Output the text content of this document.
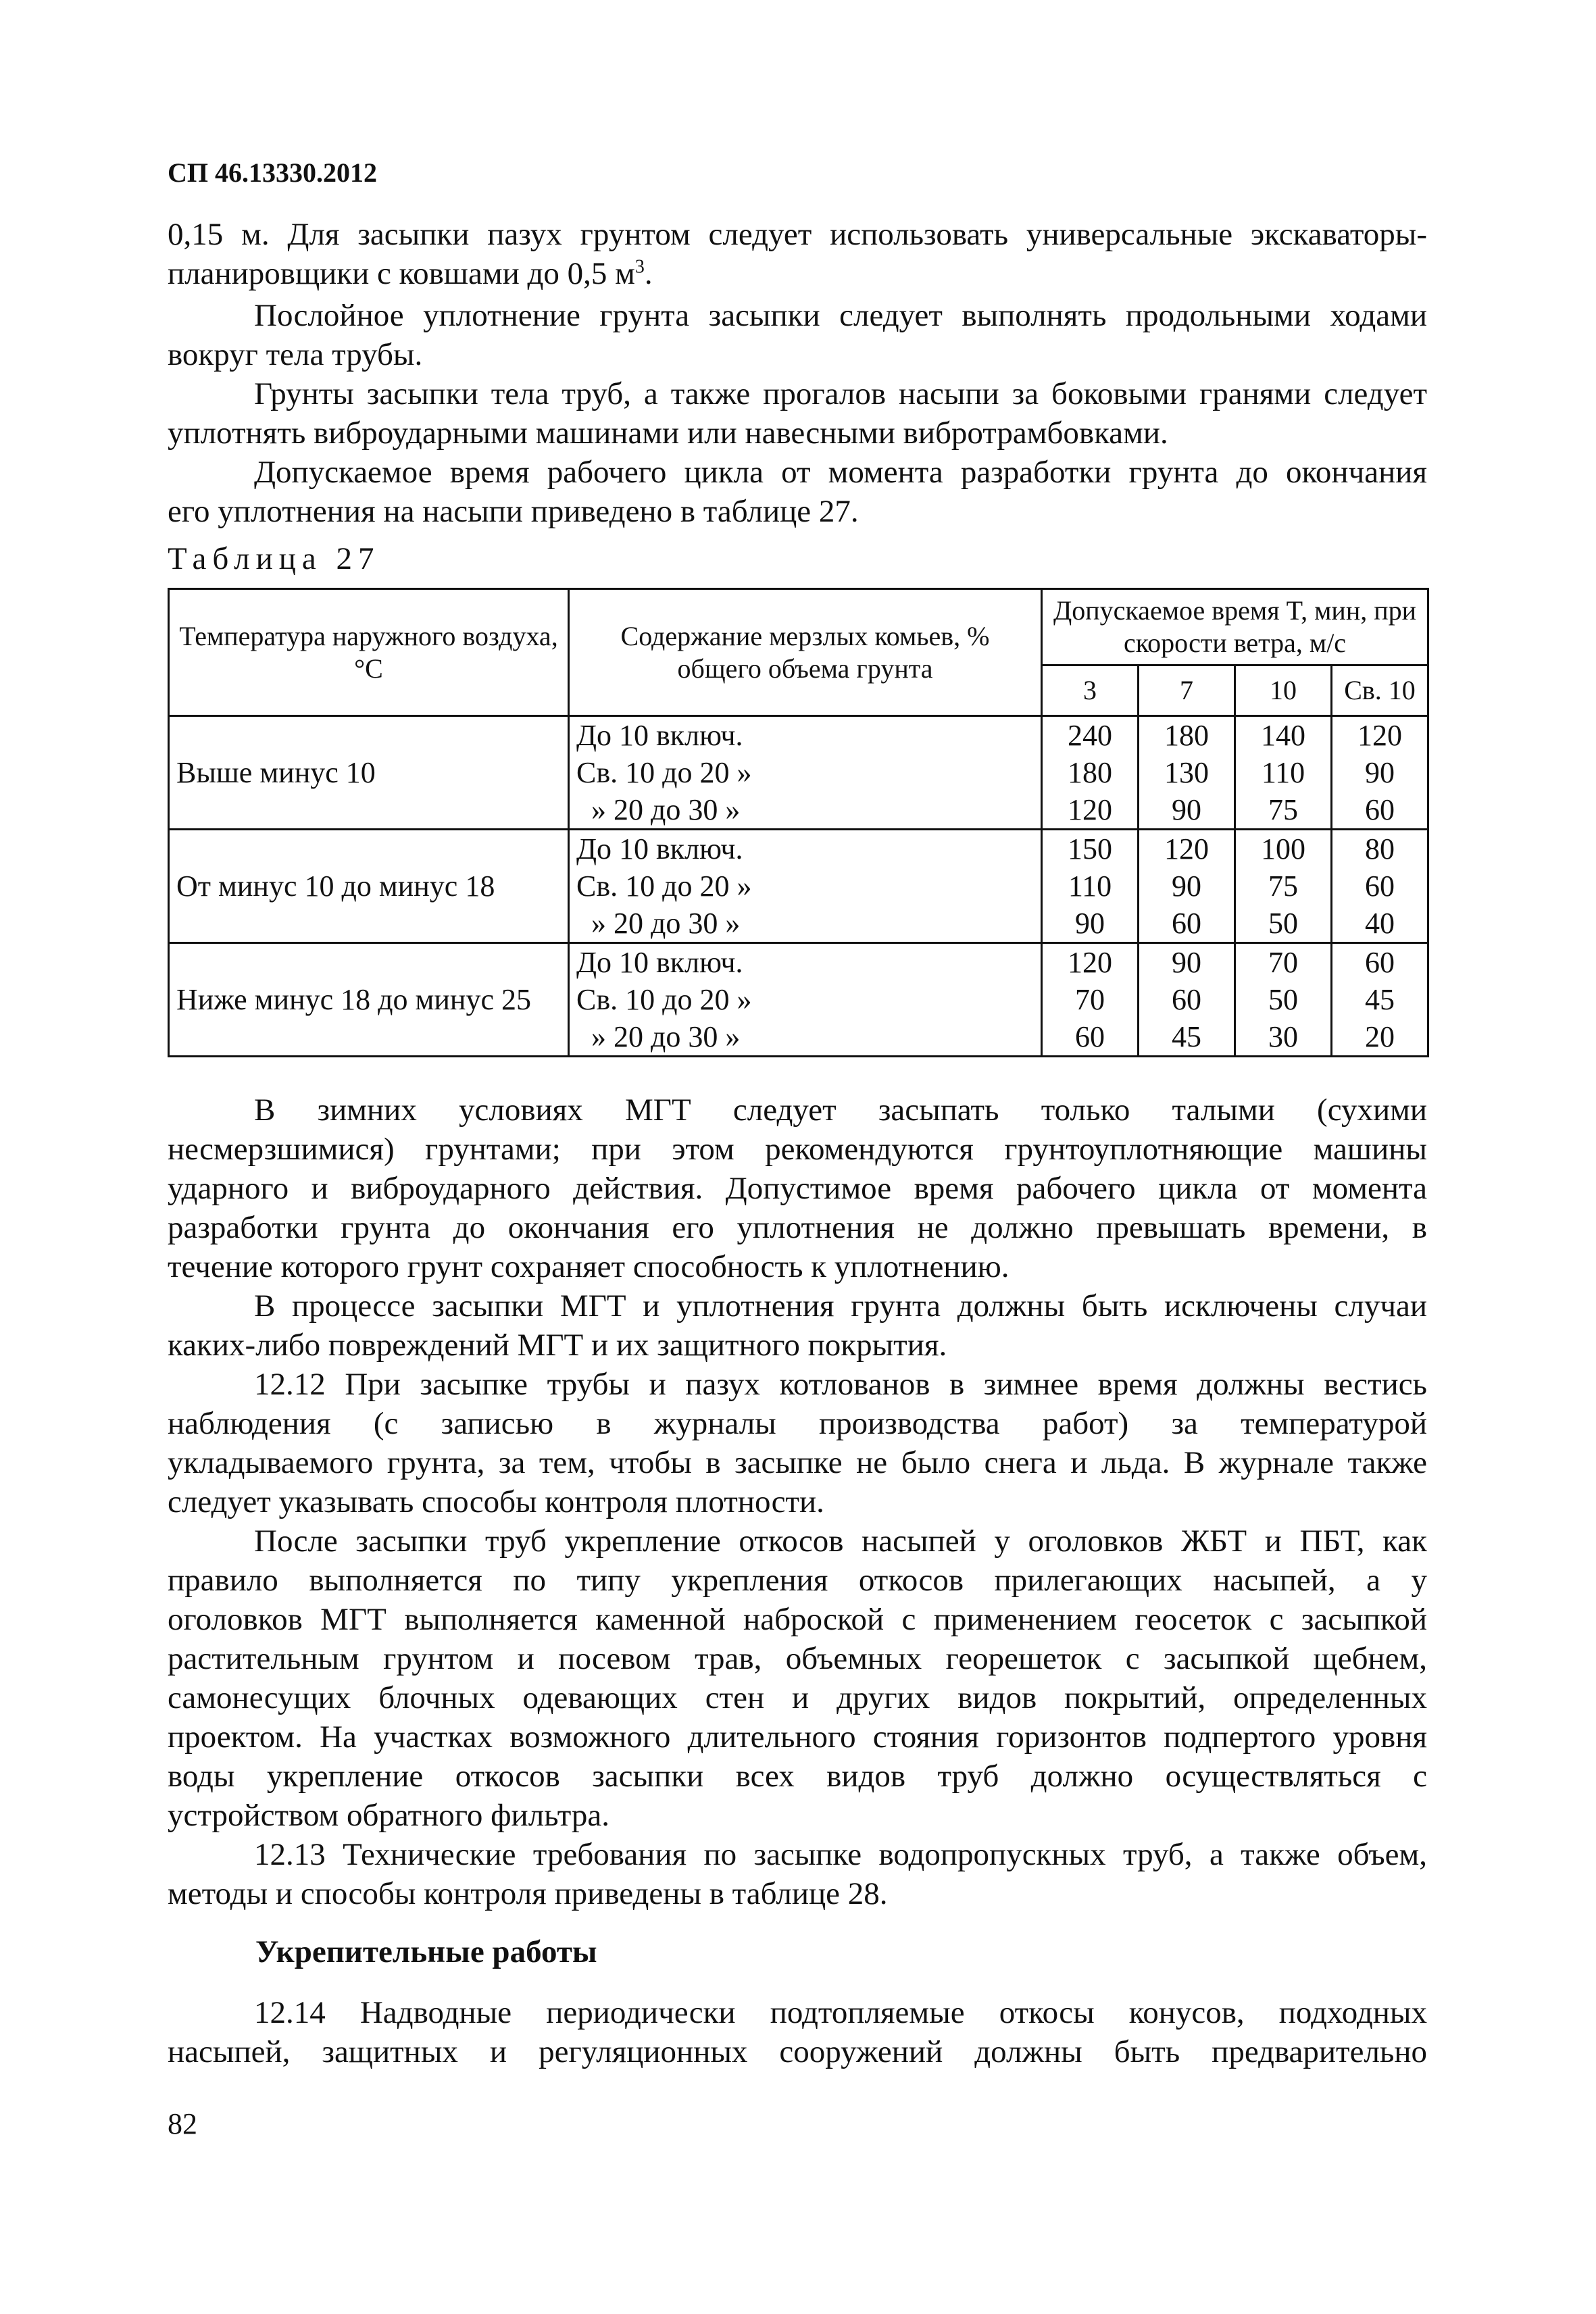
СП 46.13330.2012
0,15 м. Для засыпки пазух грунтом следует использовать универсальные экскаваторы-
планировщики с ковшами до 0,5 $м^3$.
Послойное уплотнение грунта засыпки следует выполнять продольными ходами
вокруг тела трубы.
Грунты засыпки тела труб, а также прогалов насыпи за боковыми гранями следует
уплотнять виброударными машинами или навесными вибротрамбовками.
Допускаемое время рабочего цикла от момента разработки грунта до окончания
его уплотнения на насыпи приведено в таблице 27.
Таблица 27
Температура наружного воздуха, °C	Содержание мерзлых комьев, % общего объема грунта	Допускаемое время T, мин, при скорости ветра, м/с			
		3	7	10	Св. 10
Выше минус 10	До 10 включ.	240	180	140	120
	Св. 10 до 20 »	180	130	110	90
	» 20 до 30 »	120	90	75	60
От минус 10 до минус 18	До 10 включ.	150	120	100	80
	Св. 10 до 20 »	110	90	75	60
	» 20 до 30 »	90	60	50	40
Ниже минус 18 до минус 25	До 10 включ.	120	90	70	60
	Св. 10 до 20 »	70	60	50	45
	» 20 до 30 »	60	45	30	20
В зимних условиях МГТ следует засыпать только талыми (сухими
несмерзшимися) грунтами; при этом рекомендуются грунтоуплотняющие машины
ударного и виброударного действия. Допустимое время рабочего цикла от момента
разработки грунта до окончания его уплотнения не должно превышать времени, в
течение которого грунт сохраняет способность к уплотнению.
В процессе засыпки МГТ и уплотнения грунта должны быть исключены случаи
каких-либо повреждений МГТ и их защитного покрытия.
12.12 При засыпке трубы и пазух котлованов в зимнее время должны вестись
наблюдения (с записью в журналы производства работ) за температурой
укладываемого грунта, за тем, чтобы в засыпке не было снега и льда. В журнале также
следует указывать способы контроля плотности.
После засыпки труб укрепление откосов насыпей у оголовков ЖБТ и ПБТ, как
правило выполняется по типу укрепления откосов прилегающих насыпей, а у
оголовков МГТ выполняется каменной наброской с применением геосеток с засыпкой
растительным грунтом и посевом трав, объемных георешеток с засыпкой щебнем,
самонесущих блочных одевающих стен и других видов покрытий, определенных
проектом. На участках возможного длительного стояния горизонтов подпертого уровня
воды укрепление откосов засыпки всех видов труб должно осуществляться с
устройством обратного фильтра.
12.13 Технические требования по засыпке водопропускных труб, а также объем,
методы и способы контроля приведены в таблице 28.
Укрепительные работы
12.14 Надводные периодически подтопляемые откосы конусов, подходных
насыпей, защитных и регуляционных сооружений должны быть предварительно
82
